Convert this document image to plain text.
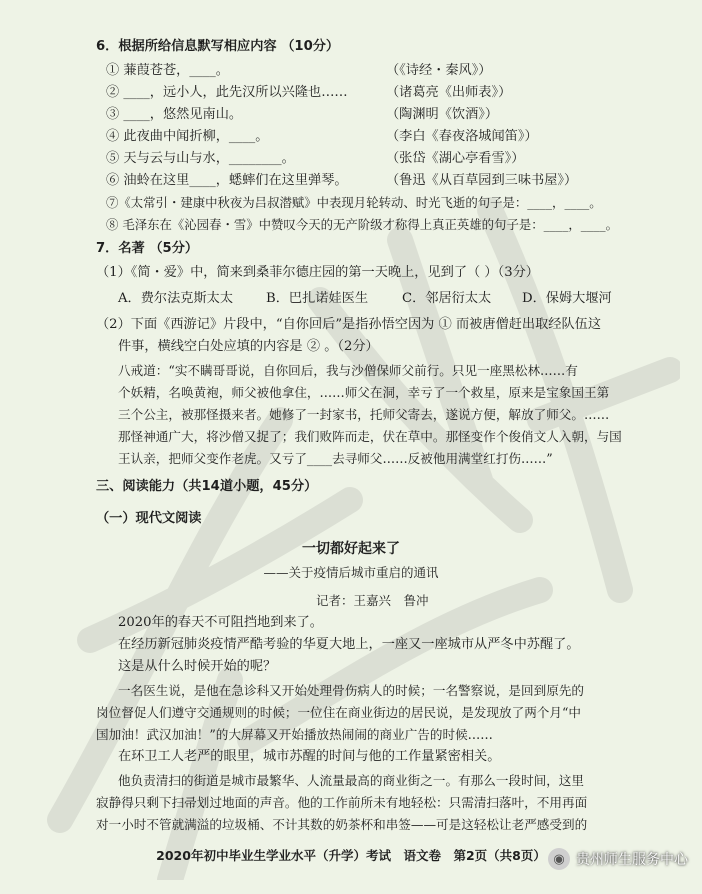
6．根据所给信息默写相应内容 （10分）
① 蒹葭苍苍，____。	（《诗经・秦风》）
② ____，远小人，此先汉所以兴隆也……	（诸葛亮《出师表》）
③ ____，悠然见南山。	（陶渊明《饮酒》）
④ 此夜曲中闻折柳，____。	（李白《春夜洛城闻笛》）
⑤ 天与云与山与水，________。	（张岱《湖心亭看雪》）
⑥ 油蛉在这里____，蟋蟀们在这里弹琴。	（鲁迅《从百草园到三味书屋》）
⑦《太常引・建康中秋夜为吕叔潜赋》中表现月轮转动、时光飞逝的句子是：____，____。
⑧ 毛泽东在《沁园春・雪》中赞叹今天的无产阶级才称得上真正英雄的句子是：____，____。
7．名著 （5分）
（1）《简・爱》中，简来到桑菲尔德庄园的第一天晚上，见到了（ ）（3分）
A．费尔法克斯太太 B．巴扎诺娃医生	C．邻居衍太太 D．保姆大堰河
（2）下面《西游记》片段中，“自你回后”是指孙悟空因为 ① 而被唐僧赶出取经队伍这
件事，横线空白处应填的内容是 ② 。（2分）
八戒道：“实不瞒哥哥说，自你回后，我与沙僧保师父前行。只见一座黑松林……有
个妖精，名唤黄袍，师父被他拿住，……师父在洞，幸亏了一个救星，原来是宝象国王第
三个公主，被那怪摄来者。她修了一封家书，托师父寄去，遂说方便，解放了师父。……
那怪神通广大，将沙僧又捉了；我们败阵而走，伏在草中。那怪变作个俊俏文人入朝，与国
王认亲，把师父变作老虎。又亏了____去寻师父……反被他用满堂红打伤……”
三、阅读能力（共14道小题，45分）
（一）现代文阅读
一切都好起来了
——关于疫情后城市重启的通讯
记者：王嘉兴　鲁冲
2020年的春天不可阻挡地到来了。
在经历新冠肺炎疫情严酷考验的华夏大地上，一座又一座城市从严冬中苏醒了。
这是从什么时候开始的呢？
一名医生说，是他在急诊科又开始处理骨伤病人的时候；一名警察说，是回到原先的
岗位督促人们遵守交通规则的时候；一位住在商业街边的居民说，是发现放了两个月“中
国加油！武汉加油！”的大屏幕又开始播放热闹闹的商业广告的时候……
在环卫工人老严的眼里，城市苏醒的时间与他的工作量紧密相关。
他负责清扫的街道是城市最繁华、人流量最高的商业街之一。有那么一段时间，这里
寂静得只剩下扫帚划过地面的声音。他的工作前所未有地轻松：只需清扫落叶，不用再面
对一小时不管就满溢的垃圾桶、不计其数的奶茶杯和串签——可是这轻松让老严感受到的
2020年初中毕业生学业水平（升学）考试　语文卷　第2页（共8页） ◉ 贵州师生服务中心
